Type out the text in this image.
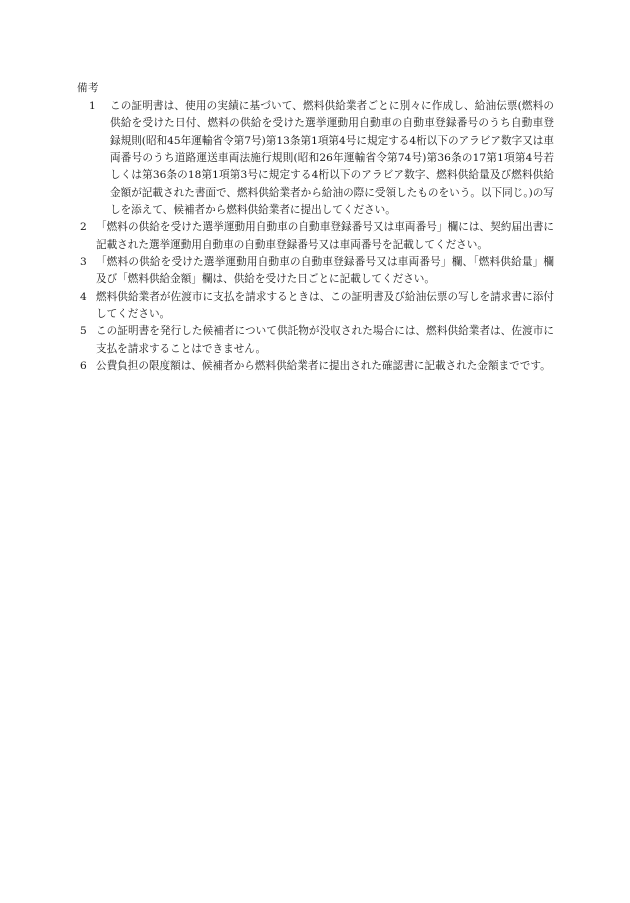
備考

1	この証明書は、使用の実績に基づいて、燃料供給業者ごとに別々に作成し、給油伝票(燃料の供給を受けた日付、燃料の供給を受けた選挙運動用自動車の自動車登録番号のうち自動車登録規則(昭和45年運輸省令第7号)第13条第1項第4号に規定する4桁以下のアラビア数字又は車両番号のうち道路運送車両法施行規則(昭和26年運輸省令第74号)第36条の17第1項第4号若しくは第36条の18第1項第3号に規定する4桁以下のアラビア数字、燃料供給量及び燃料供給金額が記載された書面で、燃料供給業者から給油の際に受領したものをいう。以下同じ。)の写しを添えて、候補者から燃料供給業者に提出してください。

2 「燃料の供給を受けた選挙運動用自動車の自動車登録番号又は車両番号」欄には、契約届出書に記載された選挙運動用自動車の自動車登録番号又は車両番号を記載してください。

3 「燃料の供給を受けた選挙運動用自動車の自動車登録番号又は車両番号」欄、「燃料供給量」欄及び「燃料供給金額」欄は、供給を受けた日ごとに記載してください。

4 燃料供給業者が佐渡市に支払を請求するときは、この証明書及び給油伝票の写しを請求書に添付してください。

5 この証明書を発行した候補者について供託物が没収された場合には、燃料供給業者は、佐渡市に支払を請求することはできません。

6 公費負担の限度額は、候補者から燃料供給業者に提出された確認書に記載された金額までです。
